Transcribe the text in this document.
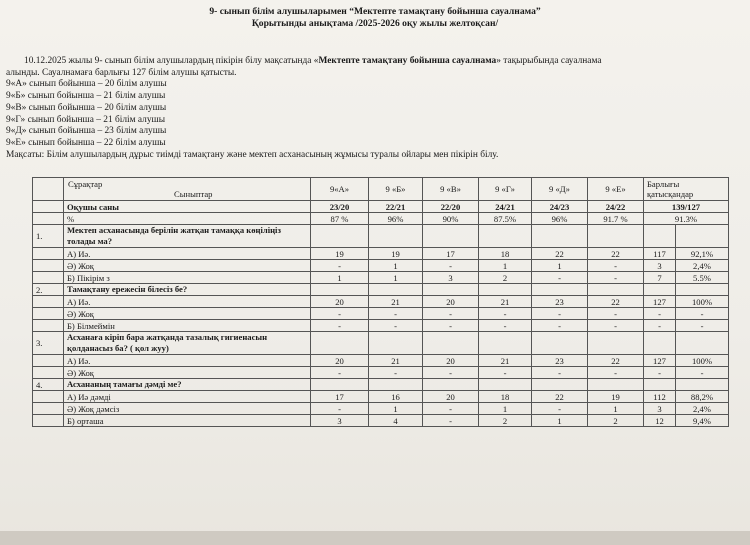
9- сынып білім алушыларымен “Мектепте тамақтану бойынша сауалнама”
Қорытынды анықтама /2025-2026 оқу жылы желтоқсан/
10.12.2025 жылы 9- сынып білім алушылардың пікірін білу мақсатында «Мектепте тамақтану бойынша сауалнама» тақырыбында сауалнама
алынды. Сауалнамаға барлығы 127 білім алушы қатысты.
9«А» сынып бойынша – 20 білім алушы
9«Б» сынып бойынша – 21 білім алушы
9«В» сынып бойынша – 20 білім алушы
9«Г» сынып бойынша – 21 білім алушы
9«Д» сынып бойынша – 23 білім алушы
9«Е» сынып бойынша – 22 білім алушы
Мақсаты: Білім алушылардың дұрыс тиімді тамақтану және мектеп асханасының жұмысы туралы ойлары мен пікірін білу.

	Сұрақтар
Сыныптар	9«А»	9 «Б»	9 «В»	9 «Г»	9 «Д»	9 «Е»	Барлығы қатысқандар	
	Оқушы саны	23/20	22/21	22/20	24/21	24/23	24/22	139/127	
	%	87 %	96%	90%	87.5%	96%	91.7 %	91.3%	
1.	Мектеп асханасында берілін жатқан тамаққа көңіліңіз толады ма?								
	А) Иә.	19	19	17	18	22	22	117	92,1%
	Ә) Жоқ	-	1	-	1	1	-	3	2,4%
	Б) Пікірім з	1	1	3	2	-	-	7	5.5%
2.	Тамақтану ережесін білесіз бе?								
	А) Иә.	20	21	20	21	23	22	127	100%
	Ә) Жоқ	-	-	-	-	-	-	-	-
	Б) Білмеймін	-	-	-	-	-	-	-	-
3.	Асханаға кіріп бара жатқанда тазалық гигиенасын қолданасыз ба? ( қол жуу)								
	А) Иә.	20	21	20	21	23	22	127	100%
	Ә) Жоқ	-	-	-	-	-	-	-	-
4.	Асхананың тамағы дәмді ме?								
	А) Иә дәмді	17	16	20	18	22	19	112	88,2%
	Ә) Жоқ дәмсіз	-	1	-	1	-	1	3	2,4%
	Б) орташа	3	4	-	2	1	2	12	9,4%
